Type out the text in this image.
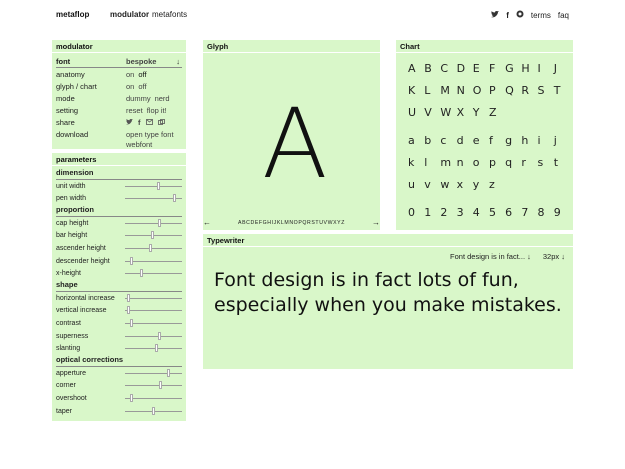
metaflop	modulator metafonts	f	terms faq
modulator
font	bespoke	↓
anatomy	on off
glyph / chart	on off
mode	dummy nerd
setting	reset flop it!
share	f
download	open type font
webfont
parameters
dimension
unit width
pen width
proportion
cap height
bar height
ascender height
descender height
x-height
shape
horizontal increase
vertical increase
contrast
superness
slanting
optical corrections
apperture
corner
overshoot
taper
Glyph
A
←	ABCDEFGHIJKLMNOPQRSTUVWXYZ	→
Chart
A B C D E F G H I	J
K L M N O P Q R S T
U V W X Y Z
a b c d e f	g h i	j
k l	m n o p q r	s t
u v w x y z
0 1 2 3 4 5 6 7 8 9
Typewriter
Font design is in fact... ↓ 32px ↓
Font design is in fact lots of fun, especially when you make mistakes.
